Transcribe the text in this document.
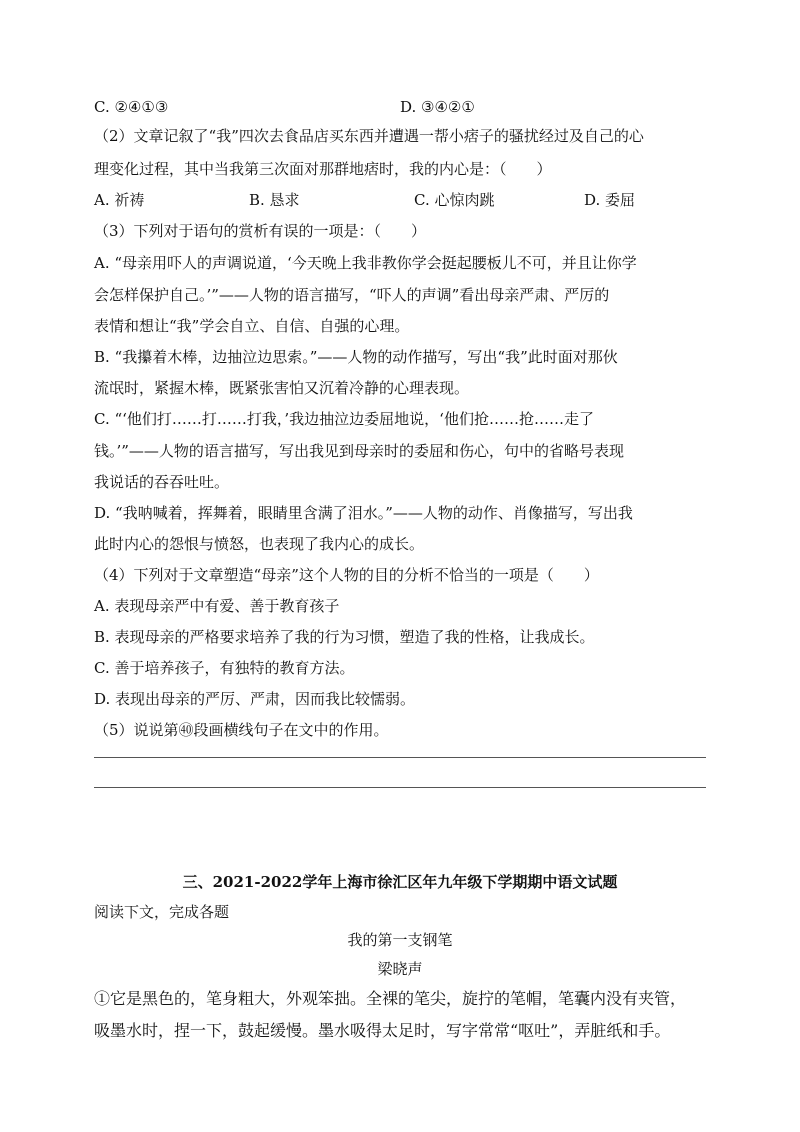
C. ②④①③	D. ③④②①
（2）文章记叙了“我”四次去食品店买东西并遭遇一帮小痞子的骚扰经过及自己的心
理变化过程，其中当我第三次面对那群地痞时，我的内心是：（　　）
A. 祈祷	B. 恳求	C. 心惊肉跳	D. 委屈
（3）下列对于语句的赏析有误的一项是：（　　）
A. “母亲用吓人的声调说道，‘今天晚上我非教你学会挺起腰板儿不可，并且让你学
会怎样保护自己。’”——人物的语言描写，“吓人的声调”看出母亲严肃、严厉的
表情和想让“我”学会自立、自信、自强的心理。
B. “我攥着木棒，边抽泣边思索。”——人物的动作描写，写出“我”此时面对那伙
流氓时，紧握木棒，既紧张害怕又沉着冷静的心理表现。
C. “‘他们打……打……打我，’我边抽泣边委屈地说，‘他们抢……抢……走了
钱。’”——人物的语言描写，写出我见到母亲时的委屈和伤心，句中的省略号表现
我说话的吞吞吐吐。
D. “我呐喊着，挥舞着，眼睛里含满了泪水。”——人物的动作、肖像描写，写出我
此时内心的怨恨与愤怒，也表现了我内心的成长。
（4）下列对于文章塑造“母亲”这个人物的目的分析不恰当的一项是（　　）
A. 表现母亲严中有爱、善于教育孩子
B. 表现母亲的严格要求培养了我的行为习惯，塑造了我的性格，让我成长。
C. 善于培养孩子，有独特的教育方法。
D. 表现出母亲的严厉、严肃，因而我比较懦弱。
（5）说说第㊵段画横线句子在文中的作用。
三、2021-2022学年上海市徐汇区年九年级下学期期中语文试题
阅读下文，完成各题
我的第一支钢笔
梁晓声
①它是黑色的，笔身粗大，外观笨拙。全裸的笔尖，旋拧的笔帽，笔囊内没有夹管，
吸墨水时，捏一下，鼓起缓慢。墨水吸得太足时，写字常常“呕吐”，弄脏纸和手。
